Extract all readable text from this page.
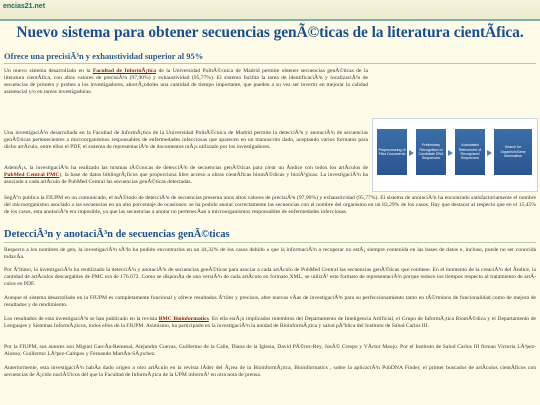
encias21.net
Nuevo sistema para obtener secuencias genÃ©ticas de la literatura cientÃfica.
Ofrece una precisiÃ³n y exhaustividad superior al 95%
Un nuevo sistema desarrollado en la Facultad de InformÃ¡tica de la Universidad PolitÃ©cnica de Madrid permite obtener secuencias genÃ©ticas de la literatura cientÃfica, con altos valores de precisiÃ³n (97,90%) y exhaustividad (95,77%). El sistema facilita la tarea de identificaciÃ³n y localizaciÃ³n de secuencias de primers y probes a los investigadores, ahorrÃ¡ndoles una cantidad de tiempo importante, que pueden a su vez ser invertir en mejorar la calidad asistencial y/o en tareas investigadoras.
Una investigaciÃ³n desarrollada en la Facultad de InformÃ¡tica de la Universidad PolitÃ©cnica de Madrid permite la detecciÃ³n y anotaciÃ³n de secuencias genÃ©ticas pertenecientes a microorganismos responsables de enfermedades infecciosas que aparecen en un manuscrito dado, aceptando varios formatos para dicho artÃculo, entre ellos el PDF, el sistema de representaciÃ³n de documentos mÃ¡s utilizado por los investigadores.
AdemÃ¡s, la investigaciÃ³n ha realizado las mismas tÃ©cnicas de detecciÃ³n de secuencias genÃ©ticas para crear un Ãndice con todos los artÃculos de PubMed Central PMC), la base de datos bibliogrÃ¡ficos que proporciona libre acceso a obras cientÃficas biomÃ©dicas y biolÃ³gicas. La investigaciÃ³n ha asociado a cada artÃculo de PubMed Central las secuencias genÃ©ticas detectadas.
Preprocessing of Files Documents
Preliminary Recognition of Candidate DNA Sequences
Automated Refinement of Recognized Sequences
Search for Organism/Gene Information
SegÃºn publica la FIUPM en un comunicado, el mÃ©todo de detecciÃ³n de secuencias presenta unos altos valores de precisiÃ³n (97,90%) y exhaustividad (95,77%). El sistema de anotaciÃ³n ha encontrado satisfactoriamente el nombre del microorganismo asociado a las secuencias en un alto porcentaje de ocasiones: se ha podido anotar correctamente las secuencias con el nombre del organismo en un 83,29% de los casos. Hay que destacar al respecto que en el 15,45% de los casos, esta anotaciÃ³n era imposible, ya que las secuencias a anotar no pertenecÃan a microorganismos responsables de enfermedades infecciosas.
DetecciÃ³n y anotaciÃ³n de secuencias genÃ©ticas
Respecto a los nombres de gen, la investigaciÃ³n sÃ³lo ha podido encontrarlos en un 44,32% de los casos debido a que la informaciÃ³n a recuperar no estÃ¡ siempre contenida en las bases de datos e, incluso, puede no ser conocida todavÃa.
Por Ãºltimo, la investigaciÃ³n ha reutilizado la detecciÃ³n y anotaciÃ³n de secuencias genÃ©ticas para asociar a cada artÃculo de PubMed Central las secuencias genÃ©ticas que contiene. En el momento de la creaciÃ³n del Ãndice, la cantidad de artÃculos descargables de PMC era de 176.672. Como se disponÃa de una versiÃ³n de cada artÃculo en formato XML, se utilizÃ³ este formato de representaciÃ³n porque reduce los tiempos respecto al tratamiento de artÃculos en PDF.
Aunque el sistema desarrollado en la FIUPM es completamente funcional y ofrece resultados Ãºtiles y precisos, abre nuevas vÃas de investigaciÃ³n para su perfeccionamiento tanto en tÃ©rminos de funcionalidad como de mejora de resultados y de rendimiento.
Los resultados de esta investigaciÃ³n se han publicado en la revista BMC Bioinformatics. En ella estÃ¡n implicados miembros del Departamento de Inteligencia Artificial, el Grupo de InformÃ¡tica BiomÃ©dica y el Departamento de Lenguajes y Sistemas InformÃ¡ticos, todos ellos de la FIUPM. Asimismo, ha participado en la investigaciÃ³n la unidad de BioinformÃ¡tica y salud pÃºblica del Instituto de Salud Carlos III.
Por la FIUPM, sus autores son Miguel GarcÃa-Remesal, Alejandro Cuevas, Guillermo de la Calle, Diana de la Iglesia, David PÃ©rez-Rey, JosÃ© Crespo y VÃctor Maojo. Por el Instituto de Salud Carlos III firman Victoria LÃ³pez-Alonso, Guillermo LÃ³pez-Campos y Fernando MartÃn-SÃ¡nchez.
Anteriormente, esta investigaciÃ³n habÃa dado origen a otro artÃculo en la revista lÃder del Ã¡rea de la BioinformÃ¡tica, Bioinformatics , sobre la aplicaciÃ³n PubDNA Finder, el primer buscador de artÃculos cientÃficos con secuencias de Ã¡cido nuclÃ©icos del que la Facultad de InformÃ¡tica de la UPM informÃ³ en otra nota de prensa.
